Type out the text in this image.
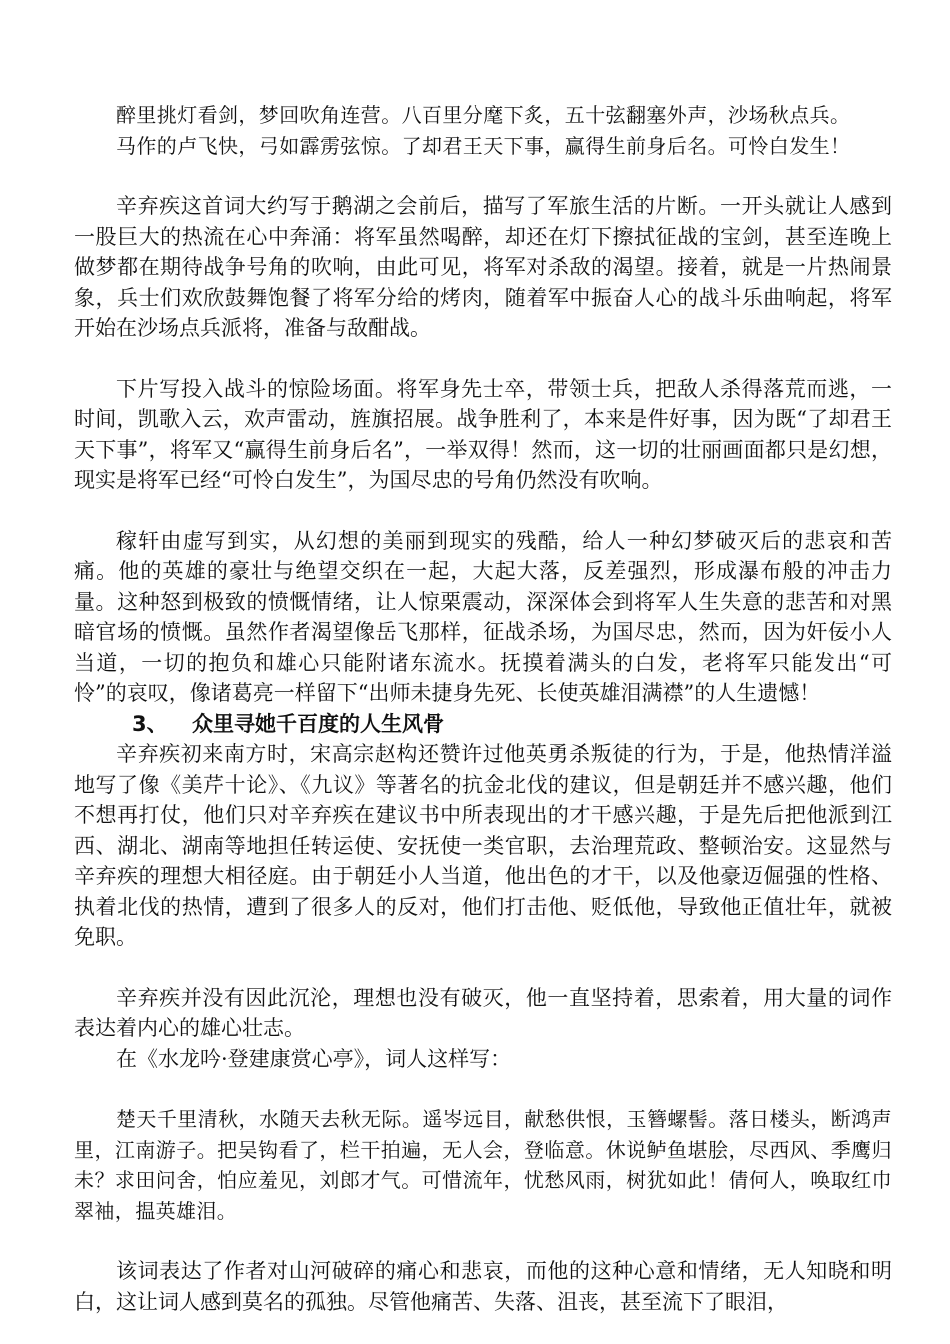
醉里挑灯看剑，梦回吹角连营。八百里分麾下炙，五十弦翻塞外声，沙场秋点兵。

马作的卢飞快，弓如霹雳弦惊。了却君王天下事，赢得生前身后名。可怜白发生！

辛弃疾这首词大约写于鹅湖之会前后，描写了军旅生活的片断。一开头就让人感到一股巨大的热流在心中奔涌：将军虽然喝醉，却还在灯下擦拭征战的宝剑，甚至连晚上做梦都在期待战争号角的吹响，由此可见，将军对杀敌的渴望。接着，就是一片热闹景象，兵士们欢欣鼓舞饱餐了将军分给的烤肉，随着军中振奋人心的战斗乐曲响起，将军开始在沙场点兵派将，准备与敌酣战。

下片写投入战斗的惊险场面。将军身先士卒，带领士兵，把敌人杀得落荒而逃，一时间，凯歌入云，欢声雷动，旌旗招展。战争胜利了，本来是件好事，因为既“了却君王天下事”，将军又“赢得生前身后名”，一举双得！然而，这一切的壮丽画面都只是幻想，现实是将军已经“可怜白发生”，为国尽忠的号角仍然没有吹响。

稼轩由虚写到实，从幻想的美丽到现实的残酷，给人一种幻梦破灭后的悲哀和苦痛。他的英雄的豪壮与绝望交织在一起，大起大落，反差强烈，形成瀑布般的冲击力量。这种怒到极致的愤慨情绪，让人惊栗震动，深深体会到将军人生失意的悲苦和对黑暗官场的愤慨。虽然作者渴望像岳飞那样，征战杀场，为国尽忠，然而，因为奸佞小人当道，一切的抱负和雄心只能附诸东流水。抚摸着满头的白发，老将军只能发出“可怜”的哀叹，像诸葛亮一样留下“出师未捷身先死、长使英雄泪满襟”的人生遗憾！

3、 众里寻她千百度的人生风骨

辛弃疾初来南方时，宋高宗赵构还赞许过他英勇杀叛徒的行为，于是，他热情洋溢地写了像《美芹十论》、《九议》等著名的抗金北伐的建议，但是朝廷并不感兴趣，他们不想再打仗，他们只对辛弃疾在建议书中所表现出的才干感兴趣，于是先后把他派到江西、湖北、湖南等地担任转运使、安抚使一类官职，去治理荒政、整顿治安。这显然与辛弃疾的理想大相径庭。由于朝廷小人当道，他出色的才干，以及他豪迈倔强的性格、执着北伐的热情，遭到了很多人的反对，他们打击他、贬低他，导致他正值壮年，就被免职。

辛弃疾并没有因此沉沦，理想也没有破灭，他一直坚持着，思索着，用大量的词作表达着内心的雄心壮志。

在《水龙吟·登建康赏心亭》，词人这样写：

楚天千里清秋，水随天去秋无际。遥岑远目，献愁供恨，玉簪螺髻。落日楼头，断鸿声里，江南游子。把吴钩看了，栏干拍遍，无人会，登临意。休说鲈鱼堪脍，尽西风、季鹰归未？求田问舍，怕应羞见，刘郎才气。可惜流年，忧愁风雨，树犹如此！倩何人，唤取红巾翠袖，揾英雄泪。

该词表达了作者对山河破碎的痛心和悲哀，而他的这种心意和情绪，无人知晓和明白，这让词人感到莫名的孤独。尽管他痛苦、失落、沮丧，甚至流下了眼泪，
